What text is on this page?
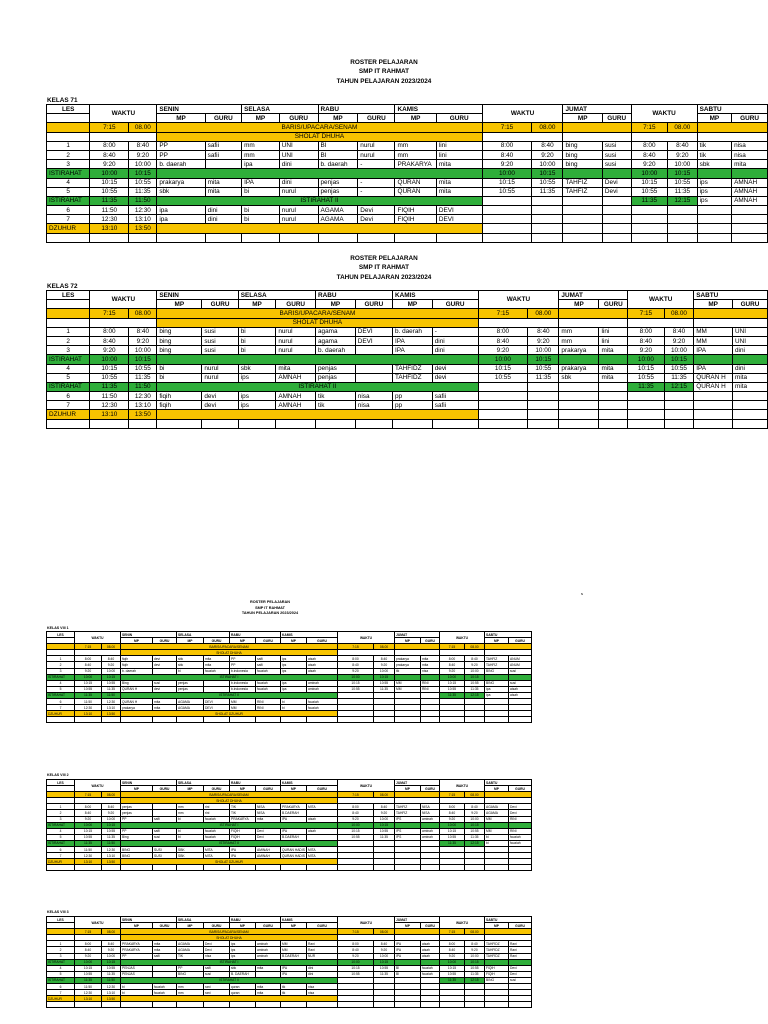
ROSTER PELAJARAN
SMP IT RAHMAT
TAHUN PELAJARAN 2023/2024
KELAS 71
LES	WAKTU		SENIN		SELASA		RABU		KAMIS		WAKTU		JUMAT		WAKTU		SABTU	
			MP	GURU	MP	GURU	MP	GURU	MP	GURU			MP	GURU			MP	GURU
	7:15	08.00	BARIS/UPACARA/SENAM								7:15	08.00			7:15	08.00		
			SHOLAT DHUHA															
1	8:00	8:40	PP	safii	mm	UNI	BI	nurul	mm	lini	8:00	8:40	bing	susi	8:00	8:40	tik	nisa
2	8:40	9:20	PP	safii	mm	UNI	BI	nurul	mm	lini	8:40	9:20	bing	susi	8:40	9:20	tik	nisa
3	9:20	10:00	b. daerah		ipa	dini	b. daerah	-	PRAKARYA	mita	9:20	10:00	bing	susi	9:20	10:00	sbk	mita
ISTIRAHAT	10:00	10:15									10:00	10:15			10:00	10:15		
4	10:15	10:55	prakarya	mita	IPA	dini	penjas	-	QURAN	mita	10:15	10:55	TAHFIZ	Devi	10:15	10:55	ips	AMNAH
5	10:55	11:35	sbk	mita	bi	nurul	penjas	-	QURAN	mita	10:55	11:35	TAHFIZ	Devi	10:55	11:35	ips	AMNAH
ISTIRAHAT	11:35	11:50	ISTIRAHAT II												11:35	12:15	ips	AMNAH
6	11:50	12:30	ipa	dini	bi	nurul	AGAMA	Devi	FIQIH	DEVI								
7	12:30	13:10	ipa	dini	bi	nurul	AGAMA	Devi	FIQIH	DEVI								
DZUHUR	13:10	13:50																

ROSTER PELAJARAN
SMP IT RAHMAT
TAHUN PELAJARAN 2023/2024
KELAS 72
LES	WAKTU		SENIN		SELASA		RABU		KAMIS		WAKTU		JUMAT		WAKTU		SABTU	
			MP	GURU	MP	GURU	MP	GURU	MP	GURU			MP	GURU			MP	GURU
	7:15	08.00	BARIS/UPACARA/SENAM								7:15	08.00			7:15	08.00		
			SHOLAT DHUHA															
1	8:00	8:40	bing	susi	bi	nurul	agama	DEVI	b. daerah	-	8:00	8:40	mm	lini	8:00	8:40	MM	UNI
2	8:40	9:20	bing	susi	bi	nurul	agama	DEVI	IPA	dini	8:40	9:20	mm	lini	8:40	9:20	MM	UNI
3	9:20	10:00	bing	susi	bi	nurul	b. daerah		IPA	dini	9:20	10:00	prakarya	mita	9:20	10:00	IPA	dini
ISTIRAHAT	10:00	10:15									10:00	10:15			10:00	10:15		
4	10:15	10:55	bi	nurul	sbk	mita	penjas		TAHFIDZ	devi	10:15	10:55	prakarya	mita	10:15	10:55	IPA	dini
5	10:55	11:35	bi	nurul	ips	AMNAH	penjas		TAHFIDZ	devi	10:55	11:35	sbk	mita	10:55	11:35	QURAN H	mita
ISTIRAHAT	11:35	11:50	ISTIRAHAT II												11:35	12:15	QURAN H	mita
6	11:50	12:30	fiqih	devi	ips	AMNAH	tik	nisa	pp	safii								
7	12:30	13:10	fiqih	devi	ips	AMNAH	tik	nisa	pp	safii								
DZUHUR	13:10	13:50																

ROSTER PELAJARAN
SMP IT RAHMAT
TAHUN PELAJARAN 2023/2024
KELAS VIII 1
LES	WAKTU		SENIN		SELASA		RABU		KAMIS		WAKTU		JUMAT		WAKTU		SABTU	
			MP	GURU	MP	GURU	MP	GURU	MP	GURU			MP	GURU			MP	GURU
	7:15	08.00	BARIS/UPACARA/SENAM								7:15	08.00			7:15	08.00		
			SHOLAT DHUHA															
1	8:00	8:40	fiqih	devi	sbk	mita	PP	safii	ips	aisah	8:00	8:40	prakarya	mita	8:00	8:40	TAHFIZ	ANUM
2	8:40	9:20	fiqih	devi	sbk	mita	PP	safii	ips	aisah	8:40	9:20	prakarya	mita	8:40	9:20	TAHFIZ	ANUM
3	9:20	10:00	b. daerah		bi	fauziah	b.indonesia	fauziah	ips	aisah	9:20	10:00	tik	nisa	9:20	10:00	BING	susi
ISTIRAHAT	10:00	10:15	ISTIRAHAT I								10:00	10:15			10:00	10:15		
4	10:15	10:55	Bing	susi	penjas		b.indonesia	fauziah	ipa	aminah	10:15	10:55	MM	RINI	10:15	10:55	BING	susi
5	10:55	11:35	QURAN H	devi	penjas		b.indonesia	fauziah	ipa	aminah	10:55	11:35	MM	RINI	10:55	11:35	ipa	aisah
ISTIRAHAT	11:35	11:50	ISTIRAHAT II												11:35	12:15	ipa	aisah
6	11:50	12:30	QURAN H	mita	AGAMA	DEVI	MM	RINI	bi	fauziah								
7	12:30	13:10	prakarya	mita	AGAMA	DEVI	MM	RINI	bi	fauziah								
DZUHUR	13:10	13:50	SHOLAT DZUHUR															

KELAS VIII 2
LES	WAKTU		SENIN		SELASA		RABU		KAMIS		WAKTU		JUMAT		WAKTU		SABTU	
			MP	GURU	MP	GURU	MP	GURU	MP	GURU			MP	GURU			MP	GURU
	7:15	08.00	BARIS/UPACARA/SENAM								7:15	08.00			7:15	08.00		
			SHOLAT DHUHA															
1	8:00	8:40	penjas		mm	rini	TIK	NISA	PRAKARYA	MITA	8:00	8:40	TAHFIZ	NISA	8:00	8:40	AGAMA	Devi
2	8:40	9:20	penjas		mm	rini	TIK	NISA	B.DAERAH		8:40	9:20	TAHFIZ	NISA	8:40	9:20	AGAMA	Devi
3	9:20	10:00	PP	safii	bi	fauziah	PRAKARYA	mita	IPA	aisah	9:20	10:00	IPS	aminah	9:20	10:00	MM	RINI
ISTIRAHAT	10:00	10:15	ISTIRAHAT I								10:00	10:15			10:00	10:15		
4	10:15	10:55	PP	safii	bi	fauziah	FIQIH	Devi	IPA	aisah	10:15	10:55	IPS	aminah	10:15	10:55	MM	RINI
5	10:55	11:35	Bing	susi	bi	fauziah	FIQIH	Devi	B.DAERAH		10:55	11:35	IPS	aminah	10:55	11:35	bi	fauziah
ISTIRAHAT	11:35	11:50	ISTIRAHAT II												11:35	12:15	bi	fauziah
6	11:50	12:30	BING	SUSI	SBK	MITA	IPA	AMINAH	QURAN HADIS	MITA								
7	12:30	13:10	BING	SUSI	SBK	MITA	IPA	AMINAH	QURAN HADIS	MITA								
DZUHUR	13:10	13:50	SHOLAT DZUHUR															

KELAS VIII 3
LES	WAKTU		SENIN		SELASA		RABU		KAMIS		WAKTU		JUMAT		WAKTU		SABTU	
			MP	GURU	MP	GURU	MP	GURU	MP	GURU			MP	GURU			MP	GURU
	7:15	08.00	BARIS/UPACARA/SENAM								7:15	08.00			7:15	08.00		
			SHOLAT DHUHA															
1	8:00	8:40	PRAKARYA	mita	AGAMA	Devi	ips	aminah	MM	Rani	8:00	8:40	IPA	aisah	8:00	8:40	TAHFIDZ	Rani
2	8:40	9:20	PRAKARYA	mita	AGAMA	Devi	ips	aminah	MM	Rani	8:40	9:20	IPA	aisah	8:40	9:20	TAHFIDZ	Rani
3	9:20	10:00	PP	safii	TIK	nisa	ips	aminah	B.DAERAH	NUR	9:20	10:00	IPA	aisah	9:20	10:00	TAHFIDZ	Rani
ISTIRAHAT	10:00	10:15	ISTIRAHAT I								10:00	10:15			10:00	10:15		
4	10:15	10:55	PENJAS		PP	safii	sbk	mita	IPA	dini	10:15	10:55	BI	fauziah	10:15	10:55	FIQIH	Devi
5	10:55	11:35	PENJAS		BING	susi	B. DAERAH		IPA	dini	10:55	11:35	BI	fauziah	10:55	11:35	FIQIH	Devi
ISTIRAHAT	11:35	11:50	ISTIRAHAT II												11:35	12:15	BING	susi
6	11:50	12:30	bi	fauziah	mm	rani	quran	mita	tik	nisa								
7	12:30	13:10	bi	fauziah	mm	rani	quran	mita	tik	nisa								
DZUHUR	13:10	13:50																

s
